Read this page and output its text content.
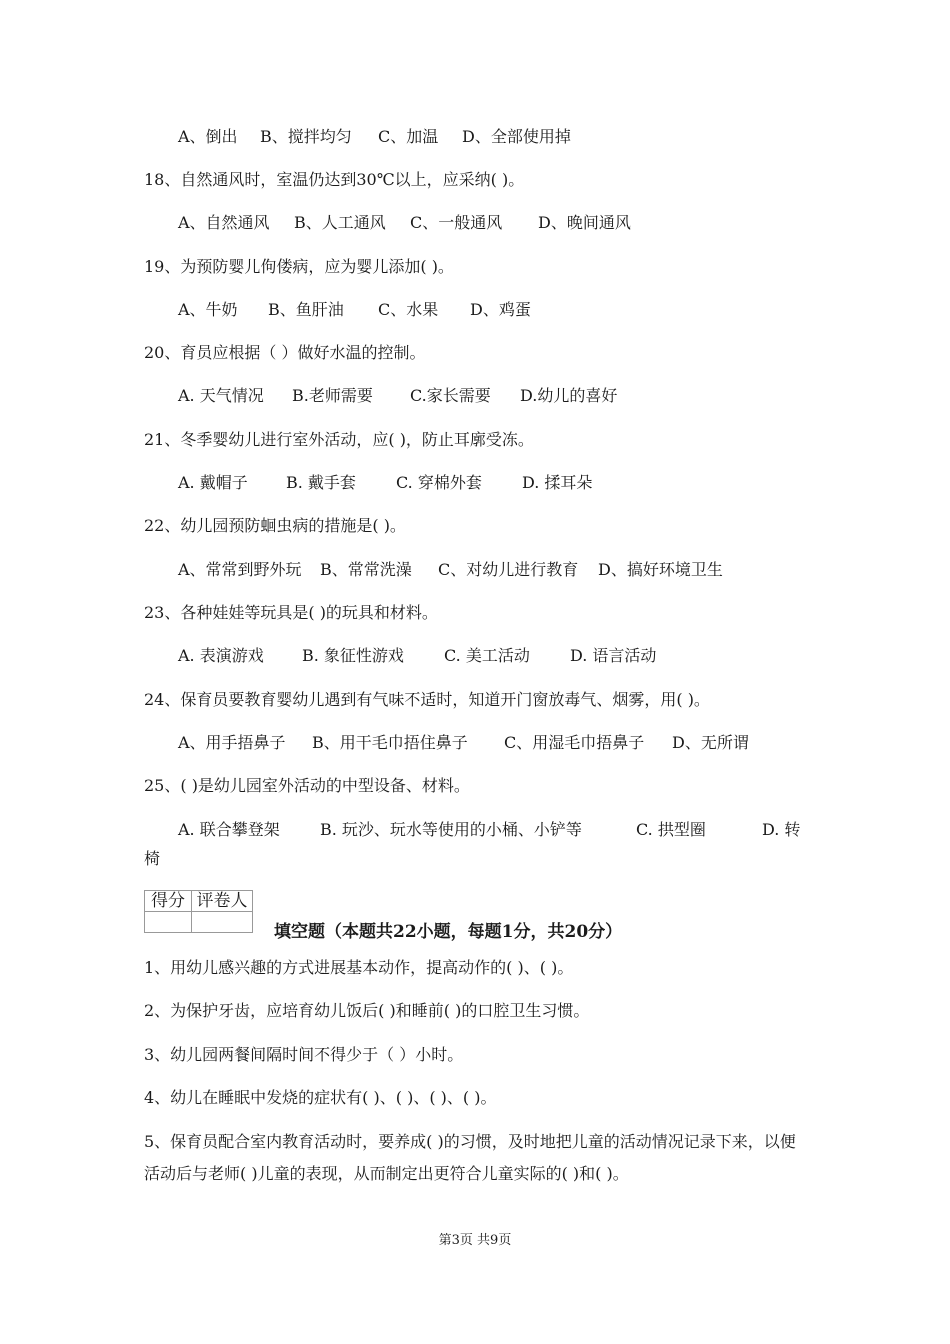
A、倒出 B、搅拌均匀 C、加温 D、全部使用掉
18、自然通风时，室温仍达到30℃以上，应采纳( )。
A、自然通风 B、人工通风 C、一般通风 D、晚间通风
19、为预防婴儿佝偻病，应为婴儿添加( )。
A、牛奶 B、鱼肝油 C、水果 D、鸡蛋
20、育员应根据（ ）做好水温的控制。
A. 天气情况 B.老师需要 C.家长需要 D.幼儿的喜好
21、冬季婴幼儿进行室外活动，应( )，防止耳廓受冻。
A. 戴帽子 B. 戴手套	C. 穿棉外套	D. 揉耳朵
22、幼儿园预防蛔虫病的措施是( )。
A、常常到野外玩 B、常常洗澡 C、对幼儿进行教育 D、搞好环境卫生
23、各种娃娃等玩具是( )的玩具和材料。
A. 表演游戏 B. 象征性游戏	C. 美工活动	D. 语言活动
24、保育员要教育婴幼儿遇到有气味不适时，知道开门窗放毒气、烟雾，用( )。
A、用手捂鼻子 B、用干毛巾捂住鼻子 C、用湿毛巾捂鼻子 D、无所谓
25、( )是幼儿园室外活动的中型设备、材料。
A. 联合攀登架	B. 玩沙、玩水等使用的小桶、小铲等	C. 拱型圈	D. 转
椅
得分	评卷人

填空题（本题共22小题，每题1分，共20分）
1、用幼儿感兴趣的方式进展基本动作，提高动作的( )、( )。
2、为保护牙齿，应培育幼儿饭后( )和睡前( )的口腔卫生习惯。
3、幼儿园两餐间隔时间不得少于（ ）小时。
4、幼儿在睡眠中发烧的症状有( )、( )、( )、( )。
5、保育员配合室内教育活动时，要养成( )的习惯，及时地把儿童的活动情况记录下来，以便活动后与老师( )儿童的表现，从而制定出更符合儿童实际的( )和( )。
第3页 共9页
